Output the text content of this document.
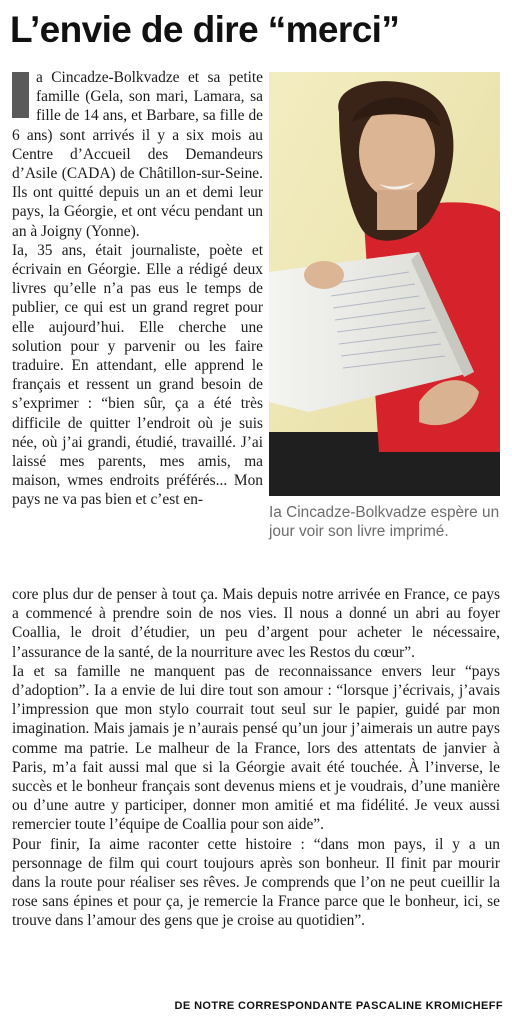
L’envie de dire “merci”

a Cincadze-Bolkvadze et sa petite famille (Gela, son mari, Lamara, sa fille de 14 ans, et Barbare, sa fille de 6 ans) sont arrivés il y a six mois au Centre d’Accueil des Demandeurs d’Asile (CADA) de Châtillon-sur-Seine. Ils ont quitté depuis un an et demi leur pays, la Géorgie, et ont vécu pendant un an à Joigny (Yonne).

Ia, 35 ans, était journaliste, poète et écrivain en Géorgie. Elle a rédigé deux livres qu’elle n’a pas eus le temps de publier, ce qui est un grand regret pour elle aujourd’hui. Elle cherche une solution pour y parvenir ou les faire traduire. En attendant, elle apprend le français et ressent un grand besoin de s’exprimer : “bien sûr, ça a été très difficile de quitter l’endroit où je suis née, où j’ai grandi, étudié, travaillé. J’ai laissé mes parents, mes amis, ma maison, wmes endroits préférés... Mon pays ne va pas bien et c’est en-

Ia Cincadze-Bolkvadze espère un jour voir son livre imprimé.

core plus dur de penser à tout ça. Mais depuis notre arrivée en France, ce pays a commencé à prendre soin de nos vies. Il nous a donné un abri au foyer Coallia, le droit d’étudier, un peu d’argent pour acheter le nécessaire, l’assurance de la santé, de la nourriture avec les Restos du cœur”.

Ia et sa famille ne manquent pas de reconnaissance envers leur “pays d’adoption”. Ia a envie de lui dire tout son amour : “lorsque j’écrivais, j’avais l’impression que mon stylo courrait tout seul sur le papier, guidé par mon imagination. Mais jamais je n’aurais pensé qu’un jour j’aimerais un autre pays comme ma patrie. Le malheur de la France, lors des attentats de janvier à Paris, m’a fait aussi mal que si la Géorgie avait été touchée. À l’inverse, le succès et le bonheur français sont devenus miens et je voudrais, d’une manière ou d’une autre y participer, donner mon amitié et ma fidélité. Je veux aussi remercier toute l’équipe de Coallia pour son aide”.

Pour finir, Ia aime raconter cette histoire : “dans mon pays, il y a un personnage de film qui court toujours après son bonheur. Il finit par mourir dans la route pour réaliser ses rêves. Je comprends que l’on ne peut cueillir la rose sans épines et pour ça, je remercie la France parce que le bonheur, ici, se trouve dans l’amour des gens que je croise au quotidien”.

DE NOTRE CORRESPONDANTE PASCALINE KROMICHEFF
